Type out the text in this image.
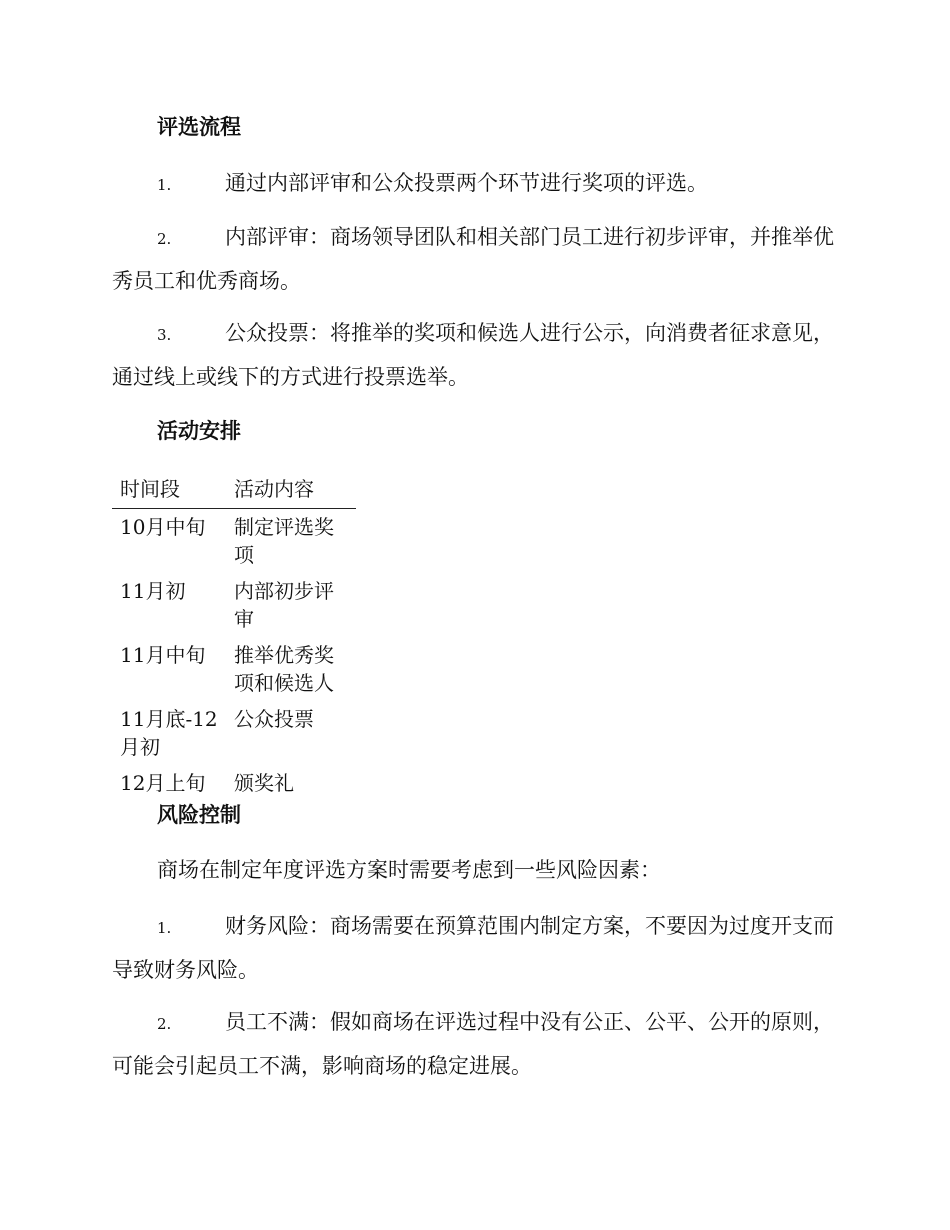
评选流程

1.	通过内部评审和公众投票两个环节进行奖项的评选。

2.	内部评审：商场领导团队和相关部门员工进行初步评审，并推举优秀员工和优秀商场。

3.	公众投票：将推举的奖项和候选人进行公示，向消费者征求意见，通过线上或线下的方式进行投票选举。

活动安排
时间段	活动内容
10月中旬	制定评选奖项
11月初	内部初步评审
11月中旬	推举优秀奖项和候选人
11月底-12月初	公众投票
12月上旬	颁奖礼
风险控制

商场在制定年度评选方案时需要考虑到一些风险因素：

1.	财务风险：商场需要在预算范围内制定方案，不要因为过度开支而导致财务风险。

2.	员工不满：假如商场在评选过程中没有公正、公平、公开的原则，可能会引起员工不满，影响商场的稳定进展。
